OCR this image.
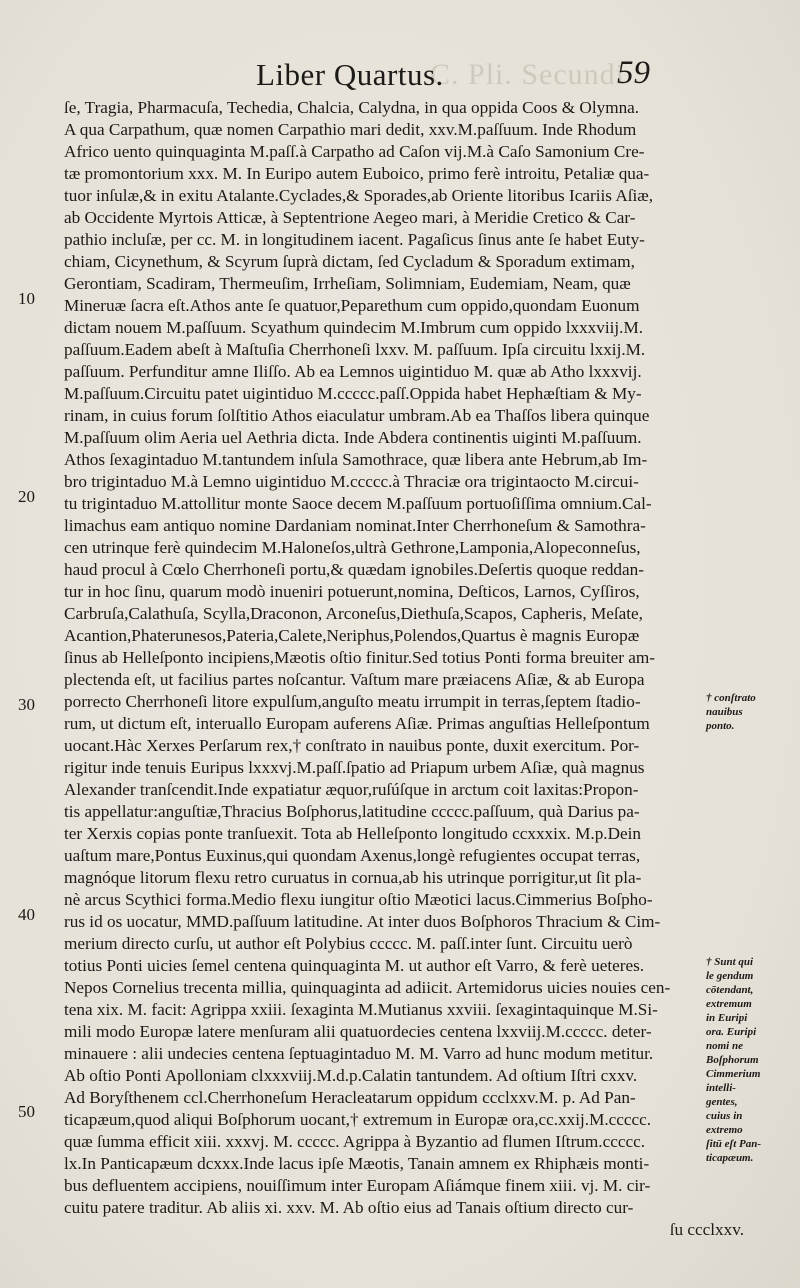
C. Pli. Secundi
Liber Quartus.	59
ſe, Tragia, Pharmacuſa, Techedia, Chalcia, Calydna, in qua oppida Coos & Olymna.
A qua Carpathum, quæ nomen Carpathio mari dedit, xxv.M.paſſuum. Inde Rhodum
Africo uento quinquaginta M.paſſ.à Carpatho ad Caſon vij.M.à Caſo Samonium Cre-
tæ promontorium xxx. M. In Euripo autem Euboico, primo ferè introitu, Petaliæ qua-
tuor inſulæ,& in exitu Atalante.Cyclades,& Sporades,ab Oriente litoribus Icariis Aſiæ,
ab Occidente Myrtois Atticæ, à Septentrione Aegeo mari, à Meridie Cretico & Car-
pathio incluſæ, per cc. M. in longitudinem iacent. Pagaſicus ſinus ante ſe habet Euty-
chiam, Cicynethum, & Scyrum ſuprà dictam, ſed Cycladum & Sporadum extimam,
Gerontiam, Scadiram, Thermeuſim, Irrheſiam, Solimniam, Eudemiam, Neam, quæ
Mineruæ ſacra eſt.Athos ante ſe quatuor,Peparethum cum oppido,quondam Euonum
dictam nouem M.paſſuum. Scyathum quindecim M.Imbrum cum oppido lxxxviij.M.
paſſuum.Eadem abeſt à Maſtuſia Cherrhoneſi lxxv. M. paſſuum. Ipſa circuitu lxxij.M.
paſſuum. Perfunditur amne Iliſſo. Ab ea Lemnos uigintiduo M. quæ ab Atho lxxxvij.
M.paſſuum.Circuitu patet uigintiduo M.ccccc.paſſ.Oppida habet Hephæſtiam & My-
rinam, in cuius forum ſolſtitio Athos eiaculatur umbram.Ab ea Thaſſos libera quinque
M.paſſuum olim Aeria uel Aethria dicta. Inde Abdera continentis uiginti M.paſſuum.
Athos ſexagintaduo M.tantundem inſula Samothrace, quæ libera ante Hebrum,ab Im-
bro trigintaduo M.à Lemno uigintiduo M.ccccc.à Thraciæ ora trigintaocto M.circui-
tu trigintaduo M.attollitur monte Saoce decem M.paſſuum portuoſiſſima omnium.Cal-
limachus eam antiquo nomine Dardaniam nominat.Inter Cherrhoneſum & Samothra-
cen utrinque ferè quindecim M.Haloneſos,ultrà Gethrone,Lamponia,Alopeconneſus,
haud procul à Cœlo Cherrhoneſi portu,& quædam ignobiles.Deſertis quoque reddan-
tur in hoc ſinu, quarum modò inueniri potuerunt,nomina, Deſticos, Larnos, Cyſſiros,
Carbruſa,Calathuſa, Scylla,Draconon, Arconeſus,Diethuſa,Scapos, Capheris, Meſate,
Acantion,Phaterunesos,Pateria,Calete,Neriphus,Polendos,Quartus è magnis Europæ
ſinus ab Helleſponto incipiens,Mæotis oſtio finitur.Sed totius Ponti forma breuiter am-
plectenda eſt, ut facilius partes noſcantur. Vaſtum mare præiacens Aſiæ, & ab Europa
porrecto Cherrhoneſi litore expulſum,anguſto meatu irrumpit in terras,ſeptem ſtadio-
rum, ut dictum eſt, interuallo Europam auferens Aſiæ. Primas anguſtias Helleſpontum
uocant.Hàc Xerxes Perſarum rex,† conſtrato in nauibus ponte, duxit exercitum. Por-
rigitur inde tenuis Euripus lxxxvj.M.paſſ.ſpatio ad Priapum urbem Aſiæ, quà magnus
Alexander tranſcendit.Inde expatiatur æquor,ruſúſque in arctum coit laxitas:Propon-
tis appellatur:anguſtiæ,Thracius Boſphorus,latitudine ccccc.paſſuum, quà Darius pa-
ter Xerxis copias ponte tranſuexit. Tota ab Helleſponto longitudo ccxxxix. M.p.Dein
uaſtum mare,Pontus Euxinus,qui quondam Axenus,longè refugientes occupat terras,
magnóque litorum flexu retro curuatus in cornua,ab his utrinque porrigitur,ut ſit pla-
nè arcus Scythici forma.Medio flexu iungitur oſtio Mæotici lacus.Cimmerius Boſpho-
rus id os uocatur, MMD.paſſuum latitudine. At inter duos Boſphoros Thracium & Cim-
merium directo curſu, ut author eſt Polybius ccccc. M. paſſ.inter ſunt. Circuitu uerò
totius Ponti uicies ſemel centena quinquaginta M. ut author eſt Varro, & ferè ueteres.
Nepos Cornelius trecenta millia, quinquaginta ad adiicit. Artemidorus uicies nouies cen-
tena xix. M. facit: Agrippa xxiii. ſexaginta M.Mutianus xxviii. ſexagintaquinque M.Si-
mili modo Europæ latere menſuram alii quatuordecies centena lxxviij.M.ccccc. deter-
minauere : alii undecies centena ſeptuagintaduo M. M. Varro ad hunc modum metitur.
Ab oſtio Ponti Apolloniam clxxxviij.M.d.p.Calatin tantundem. Ad oſtium Iſtri cxxv.
Ad Boryſthenem ccl.Cherrhoneſum Heracleatarum oppidum ccclxxv.M. p. Ad Pan-
ticapæum,quod aliqui Boſphorum uocant,† extremum in Europæ ora,cc.xxij.M.ccccc.
quæ ſumma efficit xiii. xxxvj. M. ccccc. Agrippa à Byzantio ad flumen Iſtrum.ccccc.
lx.In Panticapæum dcxxx.Inde lacus ipſe Mæotis, Tanain amnem ex Rhiphæis monti-
bus defluentem accipiens, nouiſſimum inter Europam Aſiámque finem xiii. vj. M. cir-
cuitu patere traditur. Ab aliis xi. xxv. M. Ab oſtio eius ad Tanais oſtium directo cur-
ſu ccclxxv.
10
20
30
40
50
† conſtrato nauibus ponto.
† Sunt qui le gendum cōtendant, extremum in Euripi ora. Euripi nomi ne Boſphorum Cimmerium intelligentes, cuius in extremo ſitū eſt Panticapæum.
